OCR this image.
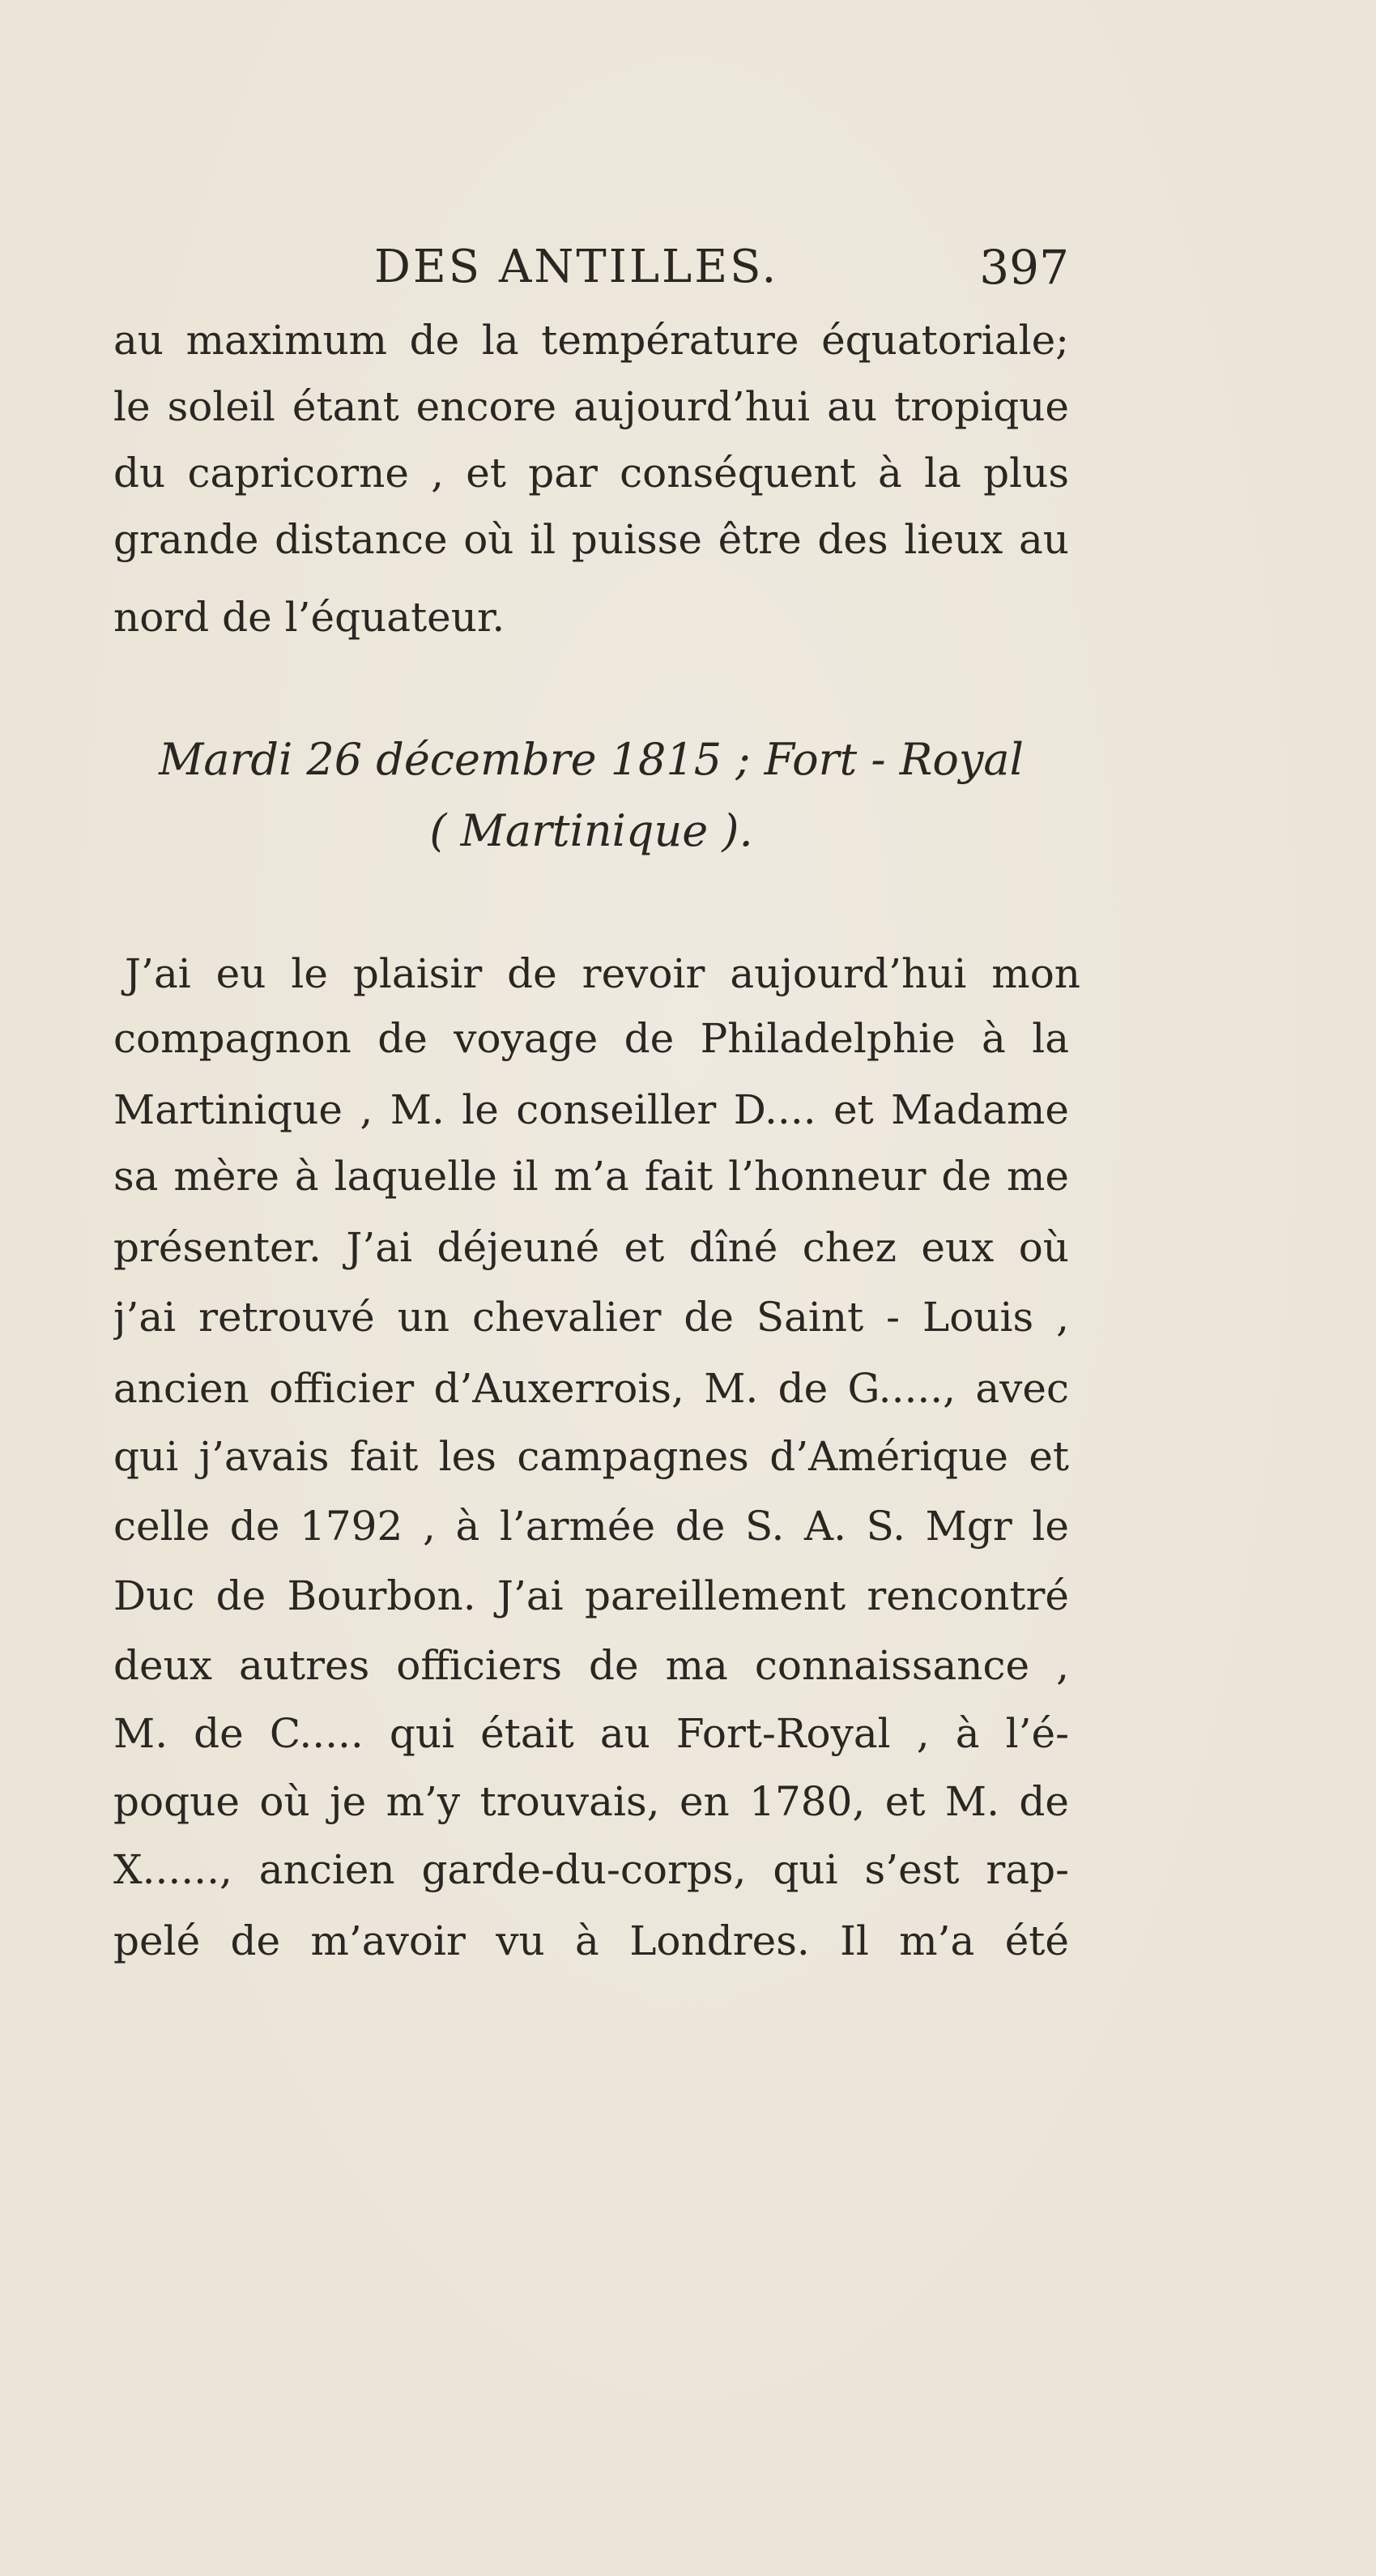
DES ANTILLES.	397
au maximum de la température équatoriale;
le soleil étant encore aujourd’hui au tropique
du capricorne , et par conséquent à la plus
grande distance où il puisse être des lieux au
nord de l’équateur.
Mardi 26 décembre 1815 ; Fort - Royal
( Martinique ).
J’ai eu le plaisir de revoir aujourd’hui mon
compagnon de voyage de Philadelphie à la
Martinique , M. le conseiller D.... et Madame
sa mère à laquelle il m’a fait l’honneur de me
présenter. J’ai déjeuné et dîné chez eux où
j’ai retrouvé un chevalier de Saint - Louis ,
ancien officier d’Auxerrois, M. de G....., avec
qui j’avais fait les campagnes d’Amérique et
celle de 1792 , à l’armée de S. A. S. Mgr le
Duc de Bourbon. J’ai pareillement rencontré
deux autres officiers de ma connaissance ,
M. de C..... qui était au Fort-Royal , à l’é-
poque où je m’y trouvais, en 1780, et M. de
X......, ancien garde-du-corps, qui s’est rap-
pelé de m’avoir vu à Londres. Il m’a été
